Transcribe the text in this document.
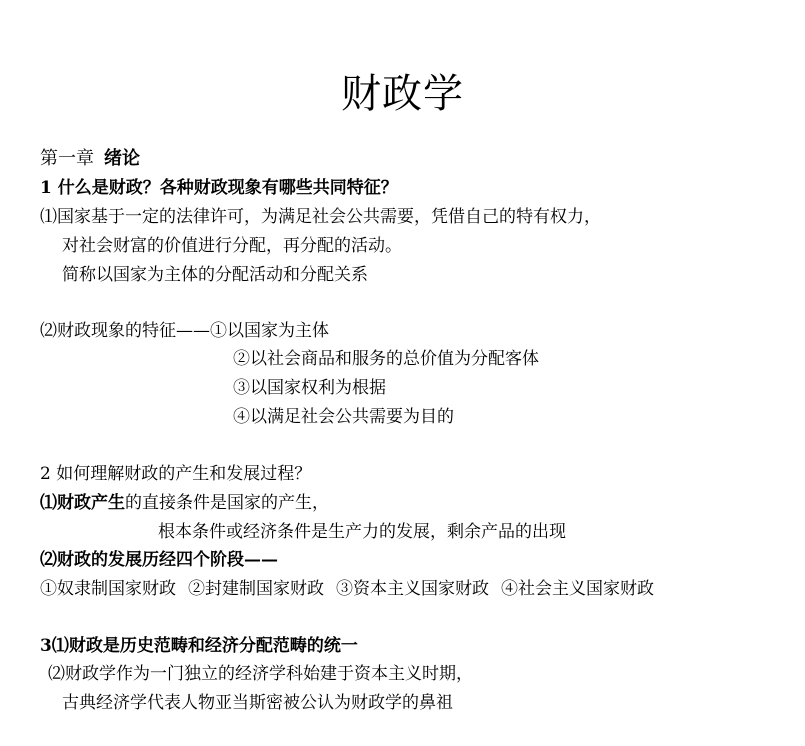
财政学
第一章 绪论
1 什么是财政？各种财政现象有哪些共同特征？
⑴国家基于一定的法律许可，为满足社会公共需要，凭借自己的特有权力，
对社会财富的价值进行分配，再分配的活动。
简称以国家为主体的分配活动和分配关系
⑵财政现象的特征——①以国家为主体
②以社会商品和服务的总价值为分配客体
③以国家权利为根据
④以满足社会公共需要为目的
2 如何理解财政的产生和发展过程？
⑴财政产生的直接条件是国家的产生，
根本条件或经济条件是生产力的发展，剩余产品的出现
⑵财政的发展历经四个阶段——
①奴隶制国家财政 ②封建制国家财政 ③资本主义国家财政 ④社会主义国家财政
3⑴财政是历史范畴和经济分配范畴的统一
⑵财政学作为一门独立的经济学科始建于资本主义时期，
古典经济学代表人物亚当斯密被公认为财政学的鼻祖
